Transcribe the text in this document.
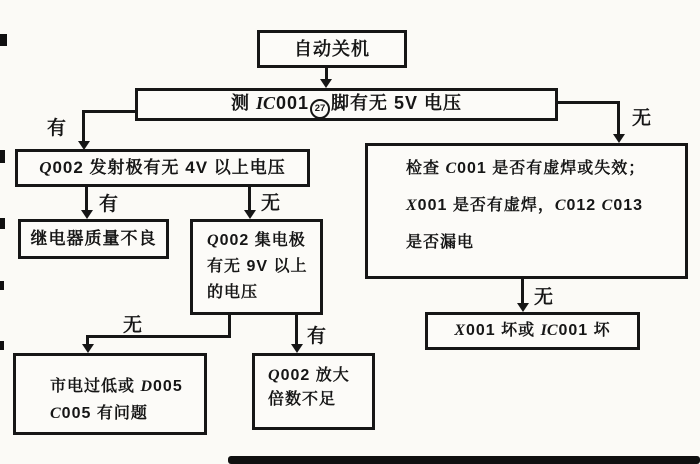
自动关机
测 IC001 27 脚有无 5V 电压
Q002 发射极有无 4V 以上电压
继电器质量不良	Q002 集电极
有无 9V 以上
的电压
检查 C001 是否有虚焊或失效；
X001 是否有虚焊，C012 C013
是否漏电
X001 坏或 IC001 坏
市电过低或 D005
C005 有问题
Q002 放大
倍数不足
有	无
有	无
无
有
无
